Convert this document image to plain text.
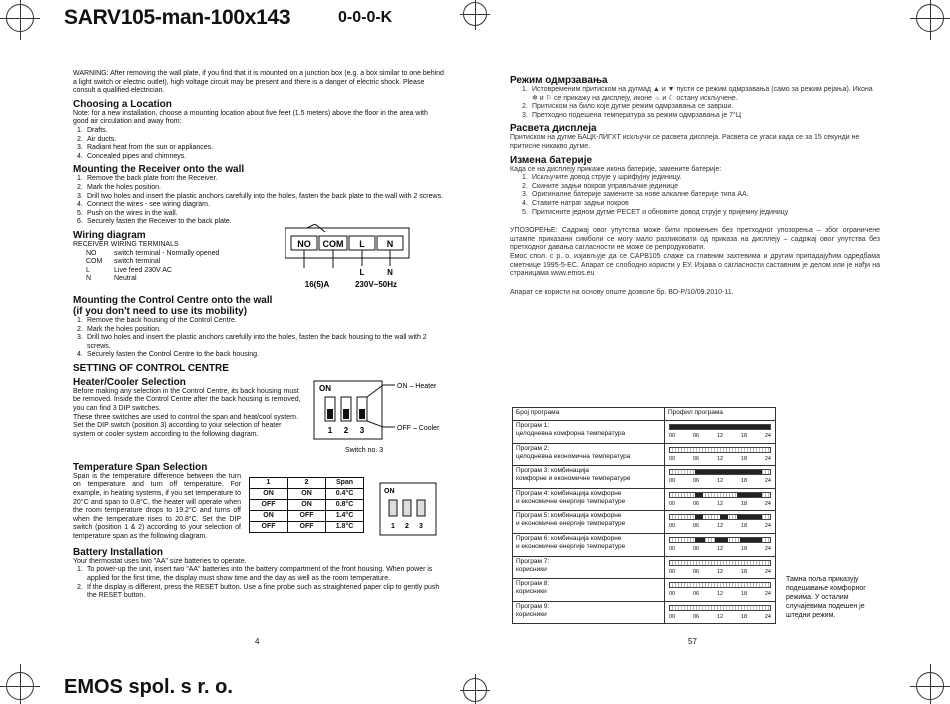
SARV105-man-100x143	0-0-0-K
EMOS spol. s r. o.

WARNING: After removing the wall plate, if you find that it is mounted on a junction box (e.g. a box similar to one behind a light switch or electric outlet), high voltage circuit may be present and there is a danger of electric shock. Please consult a qualified electrician.

Choosing a Location

Note: for a new installation, choose a mounting location about five feet (1.5 meters) above the floor in the area with good air circulation and away from:

1. Drafts.
2. Air ducts.
3. Radiant heat from the sun or appliances.
4. Concealed pipes and chimneys.
Mounting the Receiver onto the wall
1. Remove the back plate from the Receiver.
2. Mark the holes position.
3. Drill two holes and insert the plastic anchors carefully into the holes, fasten the back plate to the wall with 2 screws.
4. Connect the wires - see wiring diagram.
5. Push on the wires in the wall.
6. Securely fasten the Receiver to the back plate.
Wiring diagram
RECEIVER WIRING TERMINALS
NO	switch terminal - Normally opened
COM	switch terminal
L	Live feed 230V AC
N	Neutral
NO COM L N
L	N
16(5)A	230V~50Hz
Mounting the Control Centre onto the wall
(if you don't need to use its mobility)
1. Remove the back housing of the Control Centre.
2. Mark the holes position.
3. Drill two holes and insert the plastic anchors carefully into the holes, fasten the back housing to the wall with 2 screws.
4. Securely fasten the Control Centre to the back housing.
SETTING OF CONTROL CENTRE
Heater/Cooler Selection

Before making any selection in the Control Centre, its back housing must be removed. Inside the Control Centre after the back housing is removed, you can find 3 DIP switches.

These three switches are used to control the span and heat/cool system. Set the DIP switch (position 3) according to your selection of heater system or cooler system according to the following diagram.

ON
1 2 3
ON – Heater
OFF – Cooler
Switch no. 3
Temperature Span Selection

Span is the temperature difference between the turn on temperature and turn off temperature. For example, in heating systems, if you set temperature to 20°C and span to 0.8°C, the heater will operate when the room temperature drops to 19.2°C and turns off when the temperature rises to 20.8°C. Set the DIP switch (position 1 & 2) according to your selection of temperature span as the following diagram.

1	2	Span
ON	ON	0.4°C
OFF	ON	0.8°C
ON	OFF	1.4°C
OFF	OFF	1.8°C
ON
1 2 3
Battery Installation

Your thermostat uses two "AA" size batteries to operate.

1. To power-up the unit, insert two "AA" batteries into the battery compartment of the front housing. When power is applied for the first time, the display must show time and the day as well as the room temperature.
2. If the display is different, press the RESET button. Use a fine probe such as straightened paper clip to gently push the RESET button.
4
Режим одмрзавања
1. Истовременим притиском на дугмад ▲ и ▼ пусти се режим одмрзавања (само за режим рејања). Икона ❄ и ⚐ се прикажу на дисплеју, иконе ☼ и ☾ остану искључене.
2. Притиском на било које дугме режим одмрзавања се заврши.
3. Претходно подешена температура за режим одмрзавања је 7°Ц
Расвета дисплеја

Притиском на дугме БАЦК-ЛИГХТ искључи се расвета дисплеја. Расвета се угаси када се за 15 секунди не притисне никакво дугме.

Измена батерије

Када се на дисплеју прикаже икона батерије, замените батерије:

1. Искључите довод струје у шрифујну јединицу.
2. Скините задњи покров управљачке јединице
3. Оригиналне батерије замените за нове алкалне батерије типа АА.
4. Ставите натраг задњи покров
5. Притисните једном дугме РЕСЕТ и обновите довод струје у пријемну јединицу

УПОЗОРЕЊЕ: Садржај овог упутства може бити промењен без претходног упозорења – због ограничене штампе приказани симболи се могу мало разликовати од приказа на дисплеју – садржај овог упутства без претходног давања сагласности не може се репродуковати.

Емос спол. с р. о. изјављује да се САРВ105 слаже са главним захтевима и другим припадајућим одредбама сметнице 1995-5-ЕС. Апарат се слободно користи у ЕУ. Изјава о сагласности саставним је делом или је нађи на страницама www.emos.eu

Апарат се користи на основу опште дозволе бр. ВО-Р/10/09.2010-11.

Број програма	Профил програма
Програм 1:
целодневна комфорна температура	00	06	12	18	24
Програм 2:
целодневна економична температура	00	06	12	18	24
Програм 3: комбинација
комфорне и економичне температуре	00	06	12	18	24
Програм 4: комбинација комфорне
и економичне енергије температуре	00	06	12	18	24
Програм 5: комбинација комфорне
и економичне енергије температуре	00	06	12	18	24
Програм 6: комбинација комфорне
и економичне енергије температуре	00	06	12	18	24
Програм 7:
корисники	00	06	12	18	24
Програм 8:
корисники	00	06	12	18	24
Програм 9:
корисники	00	06	12	18	24
Тамна поља приказују подешавање комфорног режима. У осталим случајевима подешен је штедни режим.
57
